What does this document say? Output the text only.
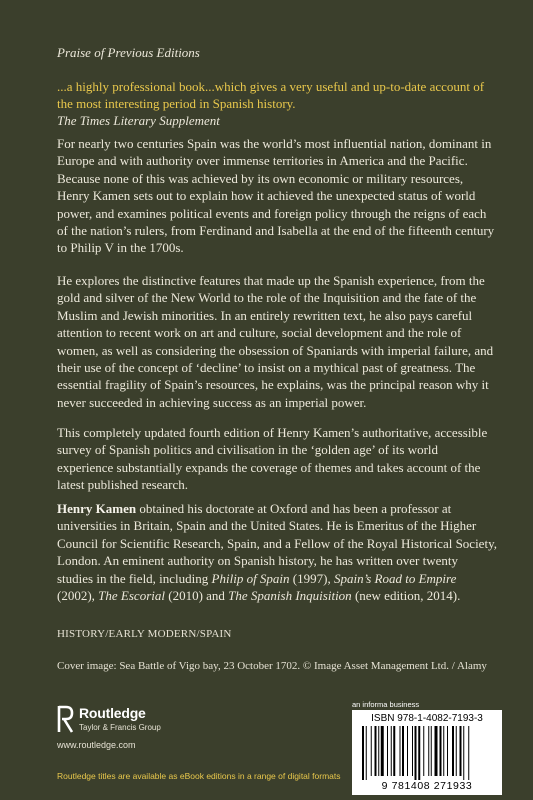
Praise of Previous Editions
...a highly professional book...which gives a very useful and up-to-date account of the most interesting period in Spanish history.
The Times Literary Supplement
For nearly two centuries Spain was the world’s most influential nation, dominant in Europe and with authority over immense territories in America and the Pacific. Because none of this was achieved by its own economic or military resources, Henry Kamen sets out to explain how it achieved the unexpected status of world power, and examines political events and foreign policy through the reigns of each of the nation’s rulers, from Ferdinand and Isabella at the end of the fifteenth century to Philip V in the 1700s.
He explores the distinctive features that made up the Spanish experience, from the gold and silver of the New World to the role of the Inquisition and the fate of the Muslim and Jewish minorities. In an entirely rewritten text, he also pays careful attention to recent work on art and culture, social development and the role of women, as well as considering the obsession of Spaniards with imperial failure, and their use of the concept of ‘decline’ to insist on a mythical past of greatness. The essential fragility of Spain’s resources, he explains, was the principal reason why it never succeeded in achieving success as an imperial power.
This completely updated fourth edition of Henry Kamen’s authoritative, accessible survey of Spanish politics and civilisation in the ‘golden age’ of its world experience substantially expands the coverage of themes and takes account of the latest published research.
Henry Kamen obtained his doctorate at Oxford and has been a professor at universities in Britain, Spain and the United States. He is Emeritus of the Higher Council for Scientific Research, Spain, and a Fellow of the Royal Historical Society, London. An eminent authority on Spanish history, he has written over twenty studies in the field, including Philip of Spain (1997), Spain’s Road to Empire (2002), The Escorial (2010) and The Spanish Inquisition (new edition, 2014).
HISTORY/EARLY MODERN/SPAIN
Cover image: Sea Battle of Vigo bay, 23 October 1702. © Image Asset Management Ltd. / Alamy
Routledge
Taylor & Francis Group
www.routledge.com
Routledge titles are available as eBook editions in a range of digital formats
an informa business
ISBN 978-1-4082-7193-3
9 781408 271933
